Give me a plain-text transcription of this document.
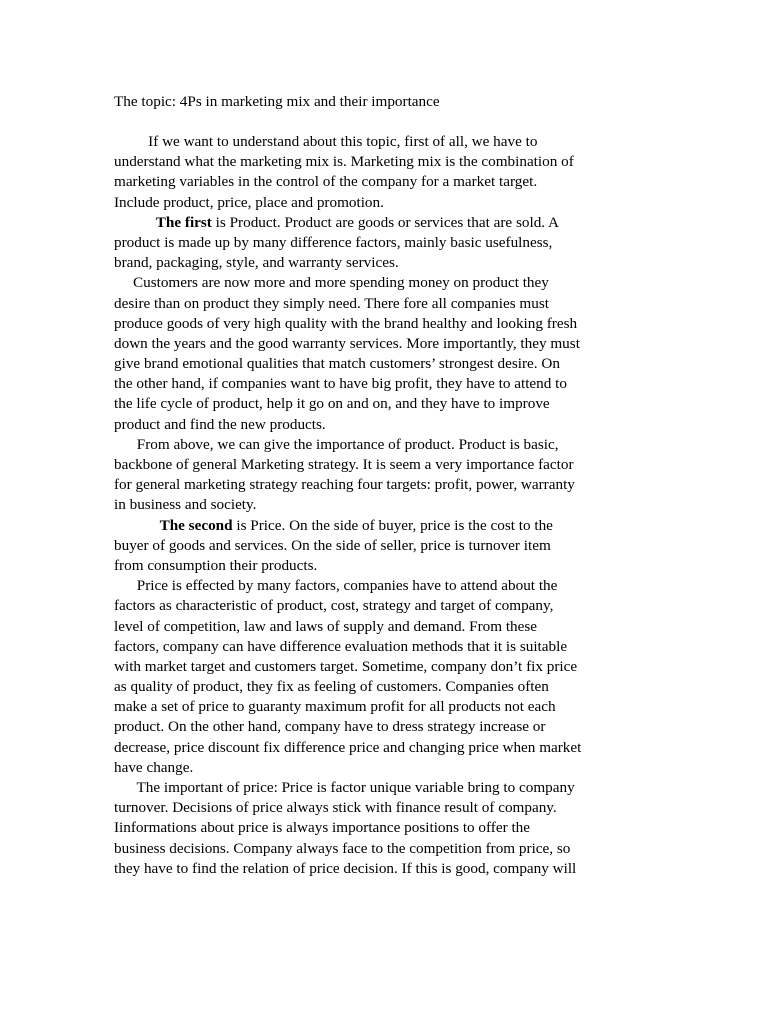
The topic: 4Ps in marketing mix and their importance
If we want to understand about this topic, first of all, we have to
understand what the marketing mix is. Marketing mix is the combination of
marketing variables in the control of the company for a market target.
Include product, price, place and promotion.
The first is Product. Product are goods or services that are sold. A
product is made up by many difference factors, mainly basic usefulness,
brand, packaging, style, and warranty services.
Customers are now more and more spending money on product they
desire than on product they simply need. There fore all companies must
produce goods of very high quality with the brand healthy and looking fresh
down the years and the good warranty services. More importantly, they must
give brand emotional qualities that match customers’ strongest desire. On
the other hand, if companies want to have big profit, they have to attend to
the life cycle of product, help it go on and on, and they have to improve
product and find the new products.
From above, we can give the importance of product. Product is basic,
backbone of general Marketing strategy. It is seem a very importance factor
for general marketing strategy reaching four targets: profit, power, warranty
in business and society.
The second is Price. On the side of buyer, price is the cost to the
buyer of goods and services. On the side of seller, price is turnover item
from consumption their products.
Price is effected by many factors, companies have to attend about the
factors as characteristic of product, cost, strategy and target of company,
level of competition, law and laws of supply and demand. From these
factors, company can have difference evaluation methods that it is suitable
with market target and customers target. Sometime, company don’t fix price
as quality of product, they fix as feeling of customers. Companies often
make a set of price to guaranty maximum profit for all products not each
product. On the other hand, company have to dress strategy increase or
decrease, price discount fix difference price and changing price when market
have change.
The important of price: Price is factor unique variable bring to company
turnover. Decisions of price always stick with finance result of company.
Iinformations about price is always importance positions to offer the
business decisions. Company always face to the competition from price, so
they have to find the relation of price decision. If this is good, company will
